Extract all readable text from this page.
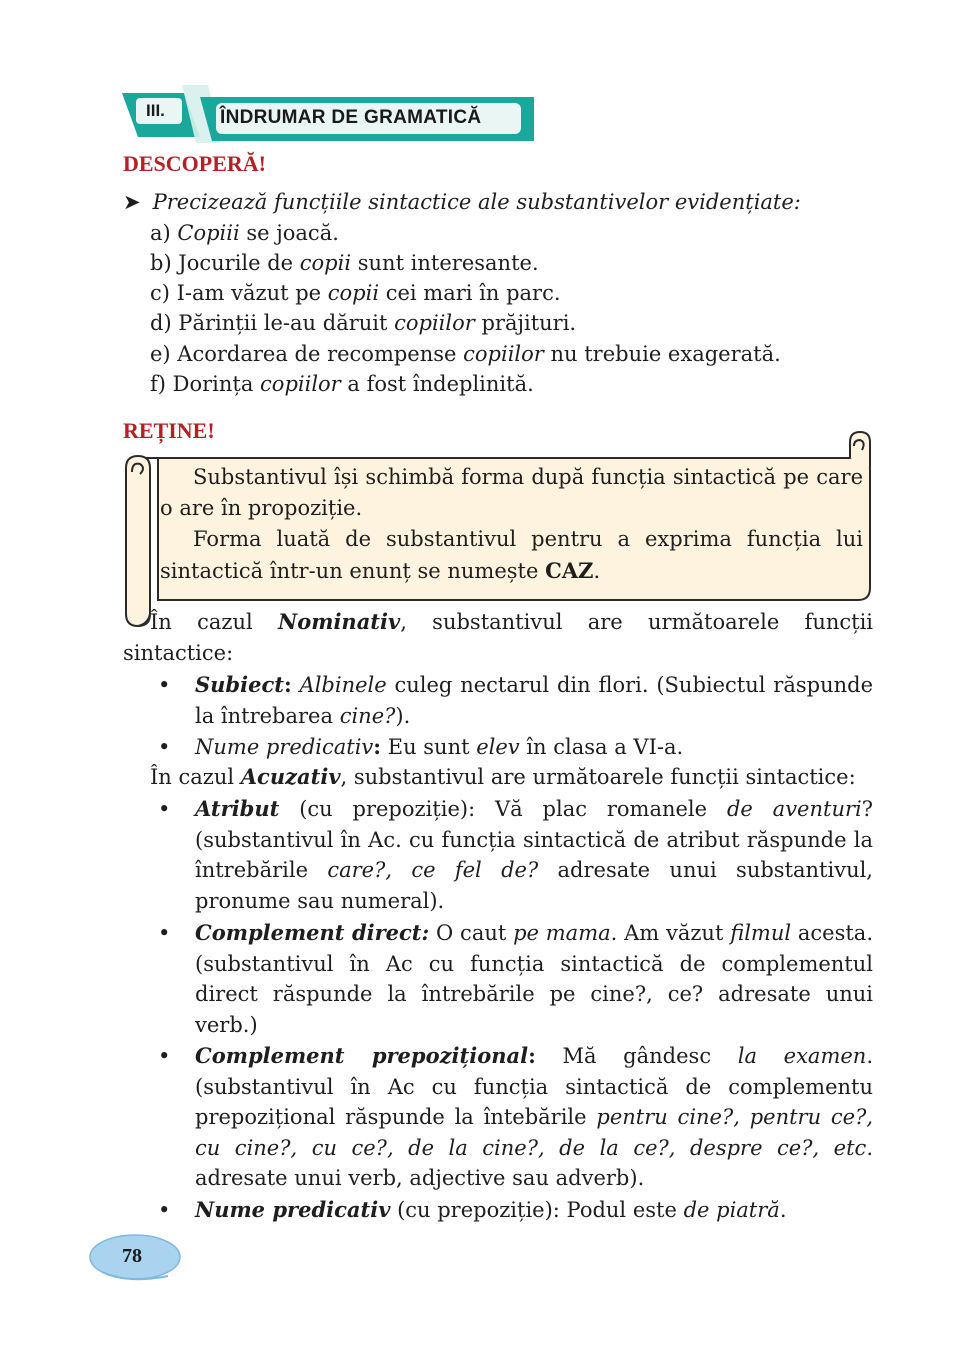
III.	ÎNDRUMAR DE GRAMATICĂ
DESCOPERĂ!
➤ Precizează funcțiile sintactice ale substantivelor evidențiate:
a) Copiii se joacă.
b) Jocurile de copii sunt interesante.
c) I-am văzut pe copii cei mari în parc.
d) Părinții le-au dăruit copiilor prăjituri.
e) Acordarea de recompense copiilor nu trebuie exagerată.
f) Dorința copiilor a fost îndeplinită.
REȚINE!
Substantivul își schimbă forma după funcția sintactică pe care o are în propoziție.
Forma luată de substantivul pentru a exprima funcția lui sintactică într-un enunț se numește CAZ.
În cazul Nominativ, substantivul are următoarele funcții sintactice:
• Subiect: Albinele culeg nectarul din flori. (Subiectul răspunde la întrebarea cine?).
• Nume predicativ: Eu sunt elev în clasa a VI-a.
În cazul Acuzativ, substantivul are următoarele funcții sintactice:
• Atribut (cu prepoziție): Vă plac romanele de aventuri? (substantivul în Ac. cu funcția sintactică de atribut răspunde la întrebările care?, ce fel de? adresate unui substantivul, pronume sau numeral).
• Complement direct: O caut pe mama. Am văzut filmul acesta. (substantivul în Ac cu funcția sintactică de complementul direct răspunde la întrebările pe cine?, ce? adresate unui verb.)
• Complement prepozițional: Mă gândesc la examen. (substantivul în Ac cu funcția sintactică de complementu prepozițional răspunde la întebările pentru cine?, pentru ce?, cu cine?, cu ce?, de la cine?, de la ce?, despre ce?, etc. adresate unui verb, adjective sau adverb).
• Nume predicativ (cu prepoziție): Podul este de piatră.
78
